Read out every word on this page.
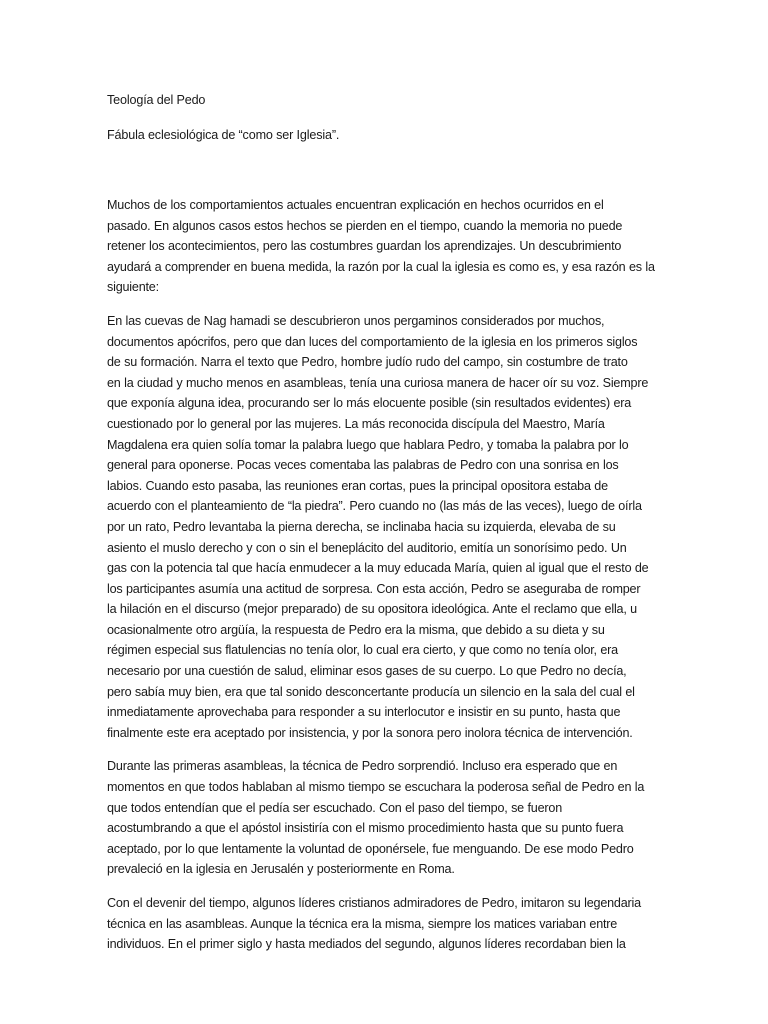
Teología del Pedo
Fábula eclesiológica de “como ser Iglesia”.

Muchos de los comportamientos actuales encuentran explicación en hechos ocurridos en el
pasado. En algunos casos estos hechos se pierden en el tiempo, cuando la memoria no puede
retener los acontecimientos, pero las costumbres guardan los aprendizajes. Un descubrimiento
ayudará a comprender en buena medida, la razón por la cual la iglesia es como es, y esa razón es la
siguiente:

En las cuevas de Nag hamadi se descubrieron unos pergaminos considerados por muchos,
documentos apócrifos, pero que dan luces del comportamiento de la iglesia en los primeros siglos
de su formación. Narra el texto que Pedro, hombre judío rudo del campo, sin costumbre de trato
en la ciudad y mucho menos en asambleas, tenía una curiosa manera de hacer oír su voz. Siempre
que exponía alguna idea, procurando ser lo más elocuente posible (sin resultados evidentes) era
cuestionado por lo general por las mujeres. La más reconocida discípula del Maestro, María
Magdalena era quien solía tomar la palabra luego que hablara Pedro, y tomaba la palabra por lo
general para oponerse. Pocas veces comentaba las palabras de Pedro con una sonrisa en los
labios. Cuando esto pasaba, las reuniones eran cortas, pues la principal opositora estaba de
acuerdo con el planteamiento de “la piedra”. Pero cuando no (las más de las veces), luego de oírla
por un rato, Pedro levantaba la pierna derecha, se inclinaba hacia su izquierda, elevaba de su
asiento el muslo derecho y con o sin el beneplácito del auditorio, emitía un sonorísimo pedo. Un
gas con la potencia tal que hacía enmudecer a la muy educada María, quien al igual que el resto de
los participantes asumía una actitud de sorpresa. Con esta acción, Pedro se aseguraba de romper
la hilación en el discurso (mejor preparado) de su opositora ideológica. Ante el reclamo que ella, u
ocasionalmente otro argüía, la respuesta de Pedro era la misma, que debido a su dieta y su
régimen especial sus flatulencias no tenía olor, lo cual era cierto, y que como no tenía olor, era
necesario por una cuestión de salud, eliminar esos gases de su cuerpo. Lo que Pedro no decía,
pero sabía muy bien, era que tal sonido desconcertante producía un silencio en la sala del cual el
inmediatamente aprovechaba para responder a su interlocutor e insistir en su punto, hasta que
finalmente este era aceptado por insistencia, y por la sonora pero inolora técnica de intervención.

Durante las primeras asambleas, la técnica de Pedro sorprendió. Incluso era esperado que en
momentos en que todos hablaban al mismo tiempo se escuchara la poderosa señal de Pedro en la
que todos entendían que el pedía ser escuchado. Con el paso del tiempo, se fueron
acostumbrando a que el apóstol insistiría con el mismo procedimiento hasta que su punto fuera
aceptado, por lo que lentamente la voluntad de oponérsele, fue menguando. De ese modo Pedro
prevaleció en la iglesia en Jerusalén y posteriormente en Roma.

Con el devenir del tiempo, algunos líderes cristianos admiradores de Pedro, imitaron su legendaria
técnica en las asambleas. Aunque la técnica era la misma, siempre los matices variaban entre
individuos. En el primer siglo y hasta mediados del segundo, algunos líderes recordaban bien la
